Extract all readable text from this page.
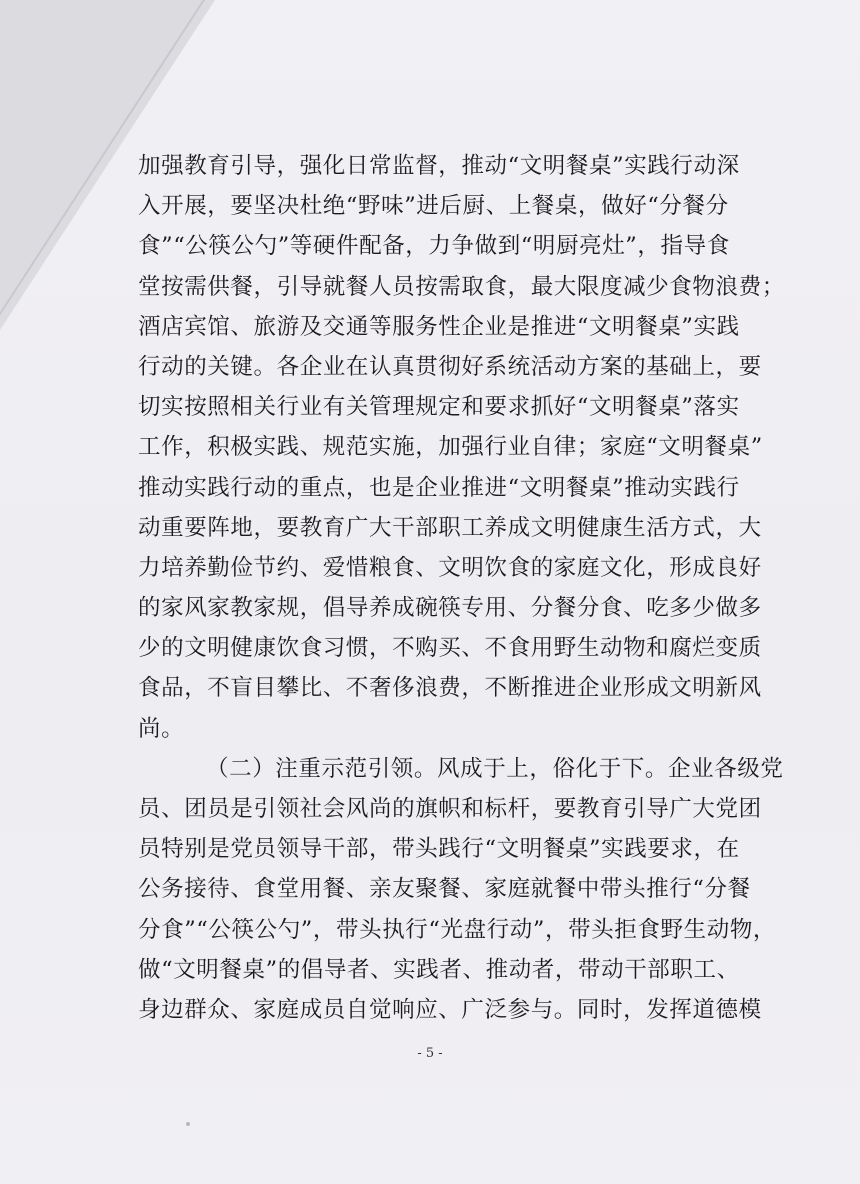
加强教育引导，强化日常监督，推动“文明餐桌”实践行动深
入开展，要坚决杜绝“野味”进后厨、上餐桌，做好“分餐分
食”“公筷公勺”等硬件配备，力争做到“明厨亮灶”，指导食
堂按需供餐，引导就餐人员按需取食，最大限度减少食物浪费；
酒店宾馆、旅游及交通等服务性企业是推进“文明餐桌”实践
行动的关键。各企业在认真贯彻好系统活动方案的基础上，要
切实按照相关行业有关管理规定和要求抓好“文明餐桌”落实
工作，积极实践、规范实施，加强行业自律；家庭“文明餐桌”
推动实践行动的重点，也是企业推进“文明餐桌”推动实践行
动重要阵地，要教育广大干部职工养成文明健康生活方式，大
力培养勤俭节约、爱惜粮食、文明饮食的家庭文化，形成良好
的家风家教家规，倡导养成碗筷专用、分餐分食、吃多少做多
少的文明健康饮食习惯，不购买、不食用野生动物和腐烂变质
食品，不盲目攀比、不奢侈浪费，不断推进企业形成文明新风
尚。
（二）注重示范引领。风成于上，俗化于下。企业各级党
员、团员是引领社会风尚的旗帜和标杆，要教育引导广大党团
员特别是党员领导干部，带头践行“文明餐桌”实践要求，在
公务接待、食堂用餐、亲友聚餐、家庭就餐中带头推行“分餐
分食”“公筷公勺”，带头执行“光盘行动”，带头拒食野生动物，
做“文明餐桌”的倡导者、实践者、推动者，带动干部职工、
身边群众、家庭成员自觉响应、广泛参与。同时，发挥道德模
- 5 -
